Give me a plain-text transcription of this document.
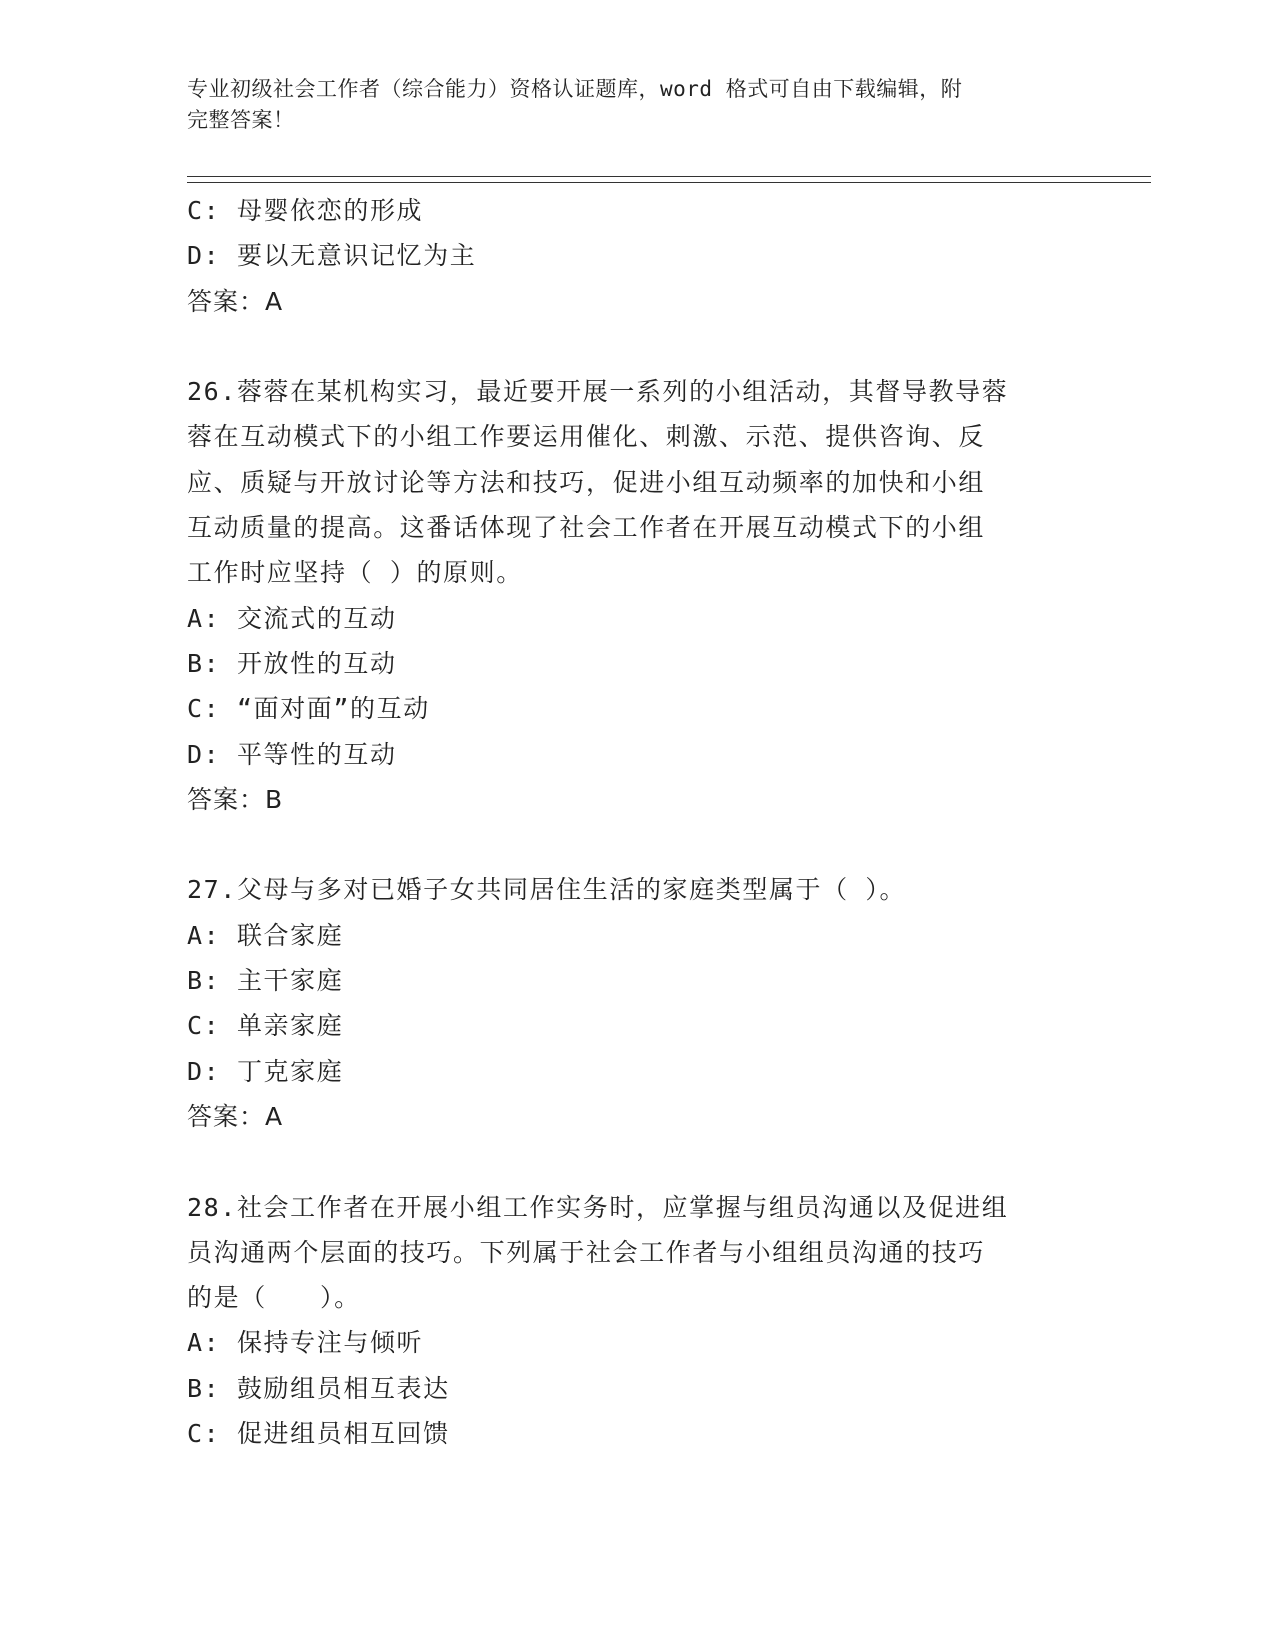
专业初级社会工作者（综合能力）资格认证题库，word 格式可自由下载编辑，附
完整答案！
C: 母婴依恋的形成
D: 要以无意识记忆为主
答案：A
26.蓉蓉在某机构实习，最近要开展一系列的小组活动，其督导教导蓉
蓉在互动模式下的小组工作要运用催化、刺激、示范、提供咨询、反
应、质疑与开放讨论等方法和技巧，促进小组互动频率的加快和小组
互动质量的提高。这番话体现了社会工作者在开展互动模式下的小组
工作时应坚持（ ）的原则。
A: 交流式的互动
B: 开放性的互动
C: “面对面”的互动
D: 平等性的互动
答案：B
27.父母与多对已婚子女共同居住生活的家庭类型属于（ ）。
A: 联合家庭
B: 主干家庭
C: 单亲家庭
D: 丁克家庭
答案：A
28.社会工作者在开展小组工作实务时，应掌握与组员沟通以及促进组
员沟通两个层面的技巧。下列属于社会工作者与小组组员沟通的技巧
的是（　　）。
A: 保持专注与倾听
B: 鼓励组员相互表达
C: 促进组员相互回馈
